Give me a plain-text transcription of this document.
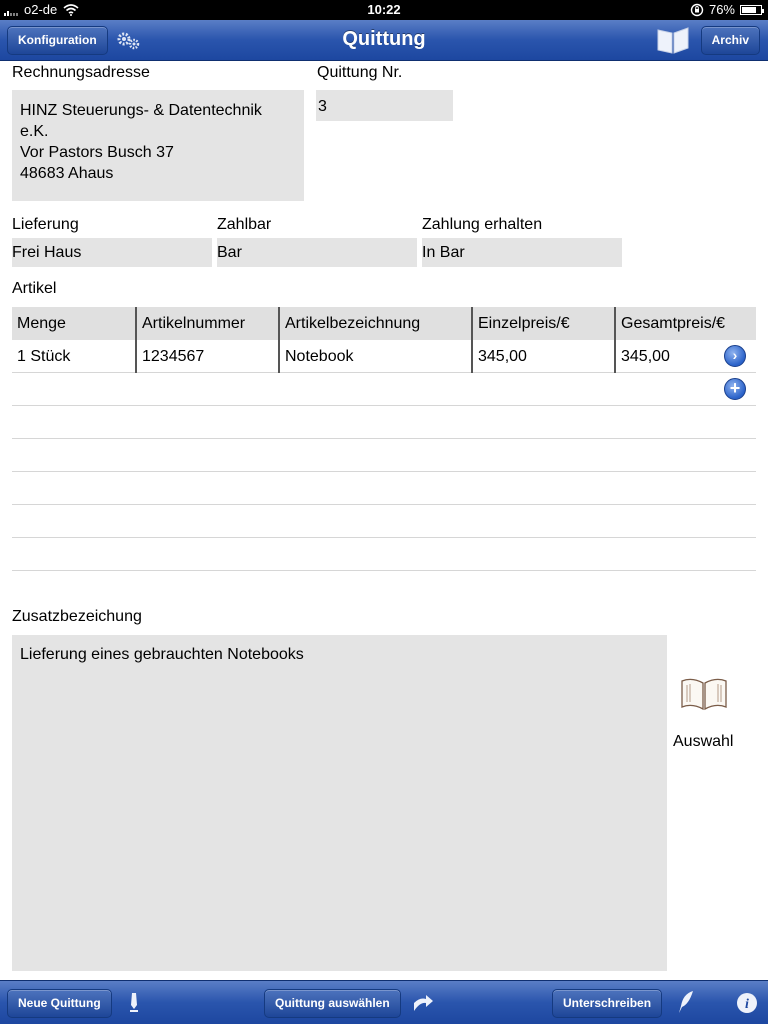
o2-de	10:22	76%
Konfiguration	Quittung	Archiv
Rechnungsadresse
HINZ Steuerungs- & Datentechnik
e.K.
Vor Pastors Busch 37
48683 Ahaus
Quittung Nr.
3
Lieferung
Frei Haus
Zahlbar
Bar
Zahlung erhalten
In Bar
Artikel
Menge	Artikelnummer	Artikelbezeichnung	Einzelpreis/€	Gesamtpreis/€
1 Stück	1234567	Notebook	345,00	345,00	›
+
Zusatzbezeichung
Lieferung eines gebrauchten Notebooks
Auswahl
Neue Quittung	Quittung auswählen	Unterschreiben	i
